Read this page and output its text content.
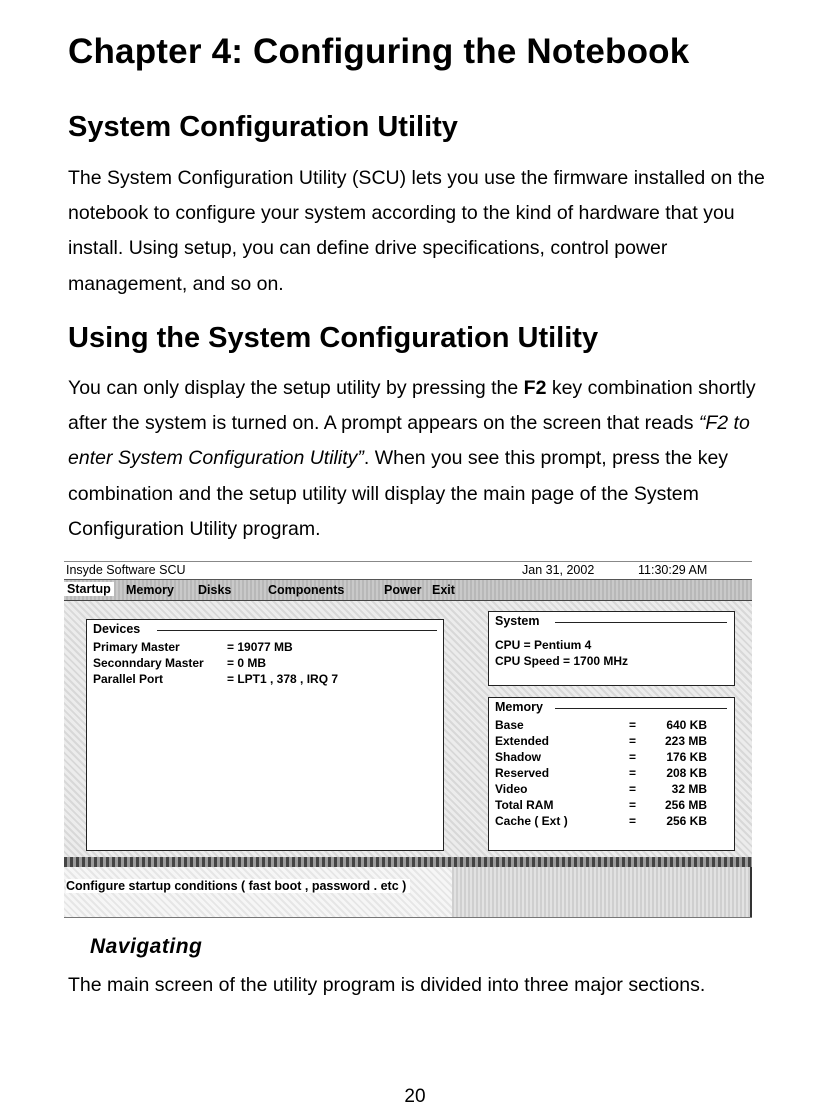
Chapter 4: Configuring the Notebook
System Configuration Utility

The System Configuration Utility (SCU) lets you use the firmware installed on the notebook to configure your system according to the kind of hardware that you install. Using setup, you can define drive specifications, control power management, and so on.

Using the System Configuration Utility

You can only display the setup utility by pressing the F2 key combination shortly after the system is turned on. A prompt appears on the screen that reads “F2 to enter System Configuration Utility”. When you see this prompt, press the key combination and the setup utility will display the main page of the System Configuration Utility program.

Insyde Software SCU	Jan 31, 2002	11:30:29 AM
Startup Memory Disks	Components	Power Exit
Devices
Primary Master	= 19077 MB
Seconndary Master = 0 MB
Parallel Port	= LPT1 , 378 , IRQ 7
System
CPU = Pentium 4
CPU Speed = 1700 MHz
Memory
Base	=	640 KB
Extended	=	223 MB
Shadow	=	176 KB
Reserved	=	208 KB
Video	=	32 MB
Total RAM	=	256 MB
Cache ( Ext )	=	256 KB
Configure startup conditions ( fast boot , password . etc )
Navigating

The main screen of the utility program is divided into three major sections.

20
